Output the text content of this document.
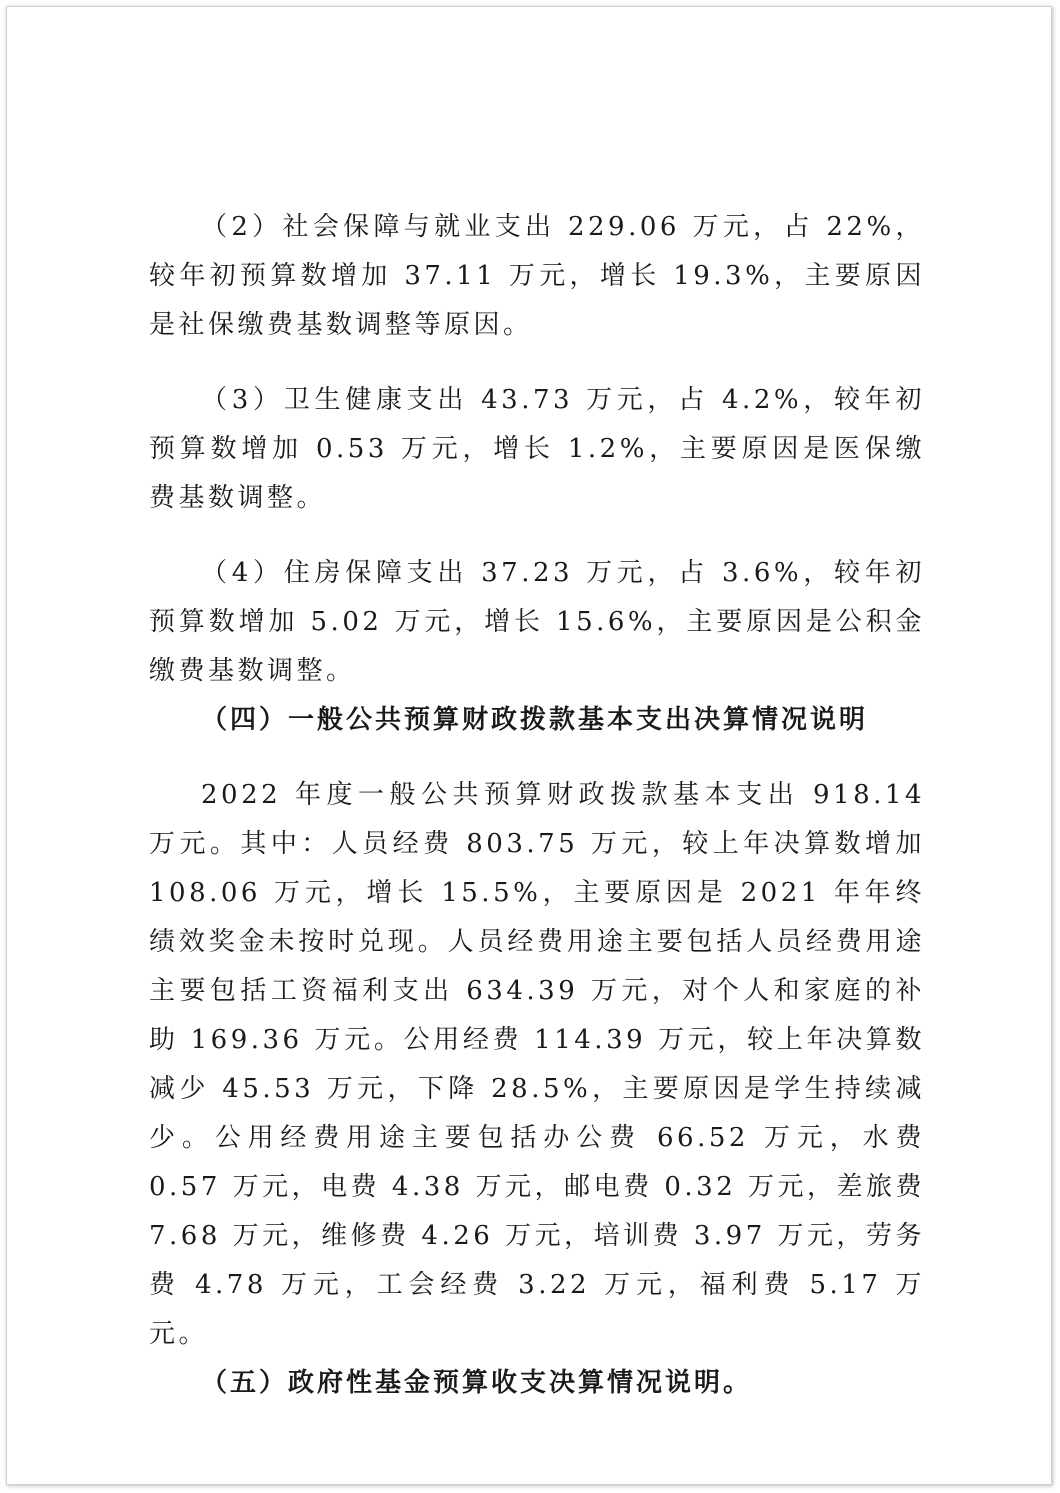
（2）社会保障与就业支出 229.06 万元，占 22%，较年初预算数增加 37.11 万元，增长 19.3%，主要原因是社保缴费基数调整等原因。

（3）卫生健康支出 43.73 万元，占 4.2%，较年初预算数增加 0.53 万元，增长 1.2%，主要原因是医保缴费基数调整。

（4）住房保障支出 37.23 万元，占 3.6%，较年初预算数增加 5.02 万元，增长 15.6%，主要原因是公积金缴费基数调整。

（四）一般公共预算财政拨款基本支出决算情况说明

2022 年度一般公共预算财政拨款基本支出 918.14 万元。其中：人员经费 803.75 万元，较上年决算数增加 108.06 万元，增长 15.5%，主要原因是 2021 年年终绩效奖金未按时兑现。人员经费用途主要包括人员经费用途主要包括工资福利支出 634.39 万元，对个人和家庭的补助 169.36 万元。公用经费 114.39 万元，较上年决算数减少 45.53 万元，下降 28.5%，主要原因是学生持续减少。公用经费用途主要包括办公费 66.52 万元，水费 0.57 万元，电费 4.38 万元，邮电费 0.32 万元，差旅费 7.68 万元，维修费 4.26 万元，培训费 3.97 万元，劳务费 4.78 万元，工会经费 3.22 万元，福利费 5.17 万元。

（五）政府性基金预算收支决算情况说明。
